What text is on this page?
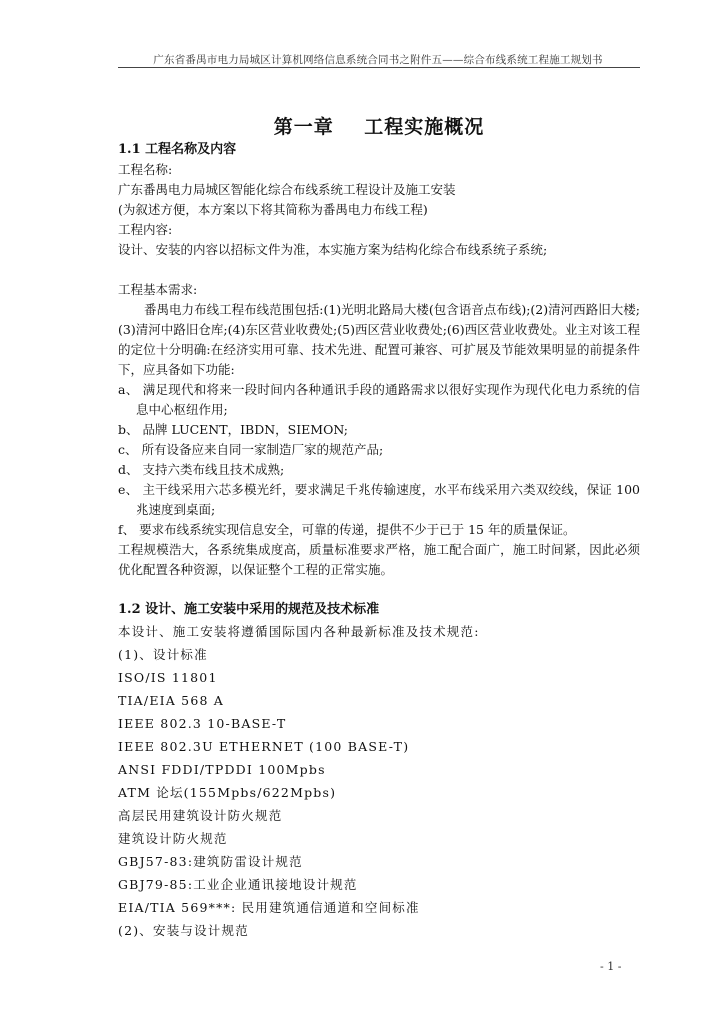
广东省番禺市电力局城区计算机网络信息系统合同书之附件五——综合布线系统工程施工规划书
第一章    工程实施概况

1.1 工程名称及内容

工程名称:

广东番禺电力局城区智能化综合布线系统工程设计及施工安装

(为叙述方便，本方案以下将其简称为番禺电力布线工程)

工程内容:

设计、安装的内容以招标文件为准，本实施方案为结构化综合布线系统子系统;

工程基本需求:

番禺电力布线工程布线范围包括:(1)光明北路局大楼(包含语音点布线);(2)清河西路旧大楼;(3)清河中路旧仓库;(4)东区营业收费处;(5)西区营业收费处;(6)西区营业收费处。业主对该工程的定位十分明确:在经济实用可靠、技术先进、配置可兼容、可扩展及节能效果明显的前提条件下，应具备如下功能:

a、 满足现代和将来一段时间内各种通讯手段的通路需求以很好实现作为现代化电力系统的信息中心枢纽作用;

b、 品牌 LUCENT，IBDN，SIEMON;

c、 所有设备应来自同一家制造厂家的规范产品;

d、 支持六类布线且技术成熟;

e、 主干线采用六芯多模光纤，要求满足千兆传输速度，水平布线采用六类双绞线，保证 100 兆速度到桌面;

f、 要求布线系统实现信息安全，可靠的传递，提供不少于已于 15 年的质量保证。

工程规模浩大，各系统集成度高，质量标准要求严格，施工配合面广，施工时间紧，因此必须优化配置各种资源，以保证整个工程的正常实施。

1.2 设计、施工安装中采用的规范及技术标准

本设计、施工安装将遵循国际国内各种最新标准及技术规范:

(1)、设计标准

ISO/IS 11801

TIA/EIA 568 A

IEEE 802.3 10-BASE-T

IEEE 802.3U ETHERNET (100 BASE-T)

ANSI FDDI/TPDDI 100Mpbs

ATM 论坛(155Mpbs/622Mpbs)

高层民用建筑设计防火规范

建筑设计防火规范

GBJ57-83:建筑防雷设计规范

GBJ79-85:工业企业通讯接地设计规范

EIA/TIA 569***: 民用建筑通信通道和空间标准

(2)、安装与设计规范

- 1 -
